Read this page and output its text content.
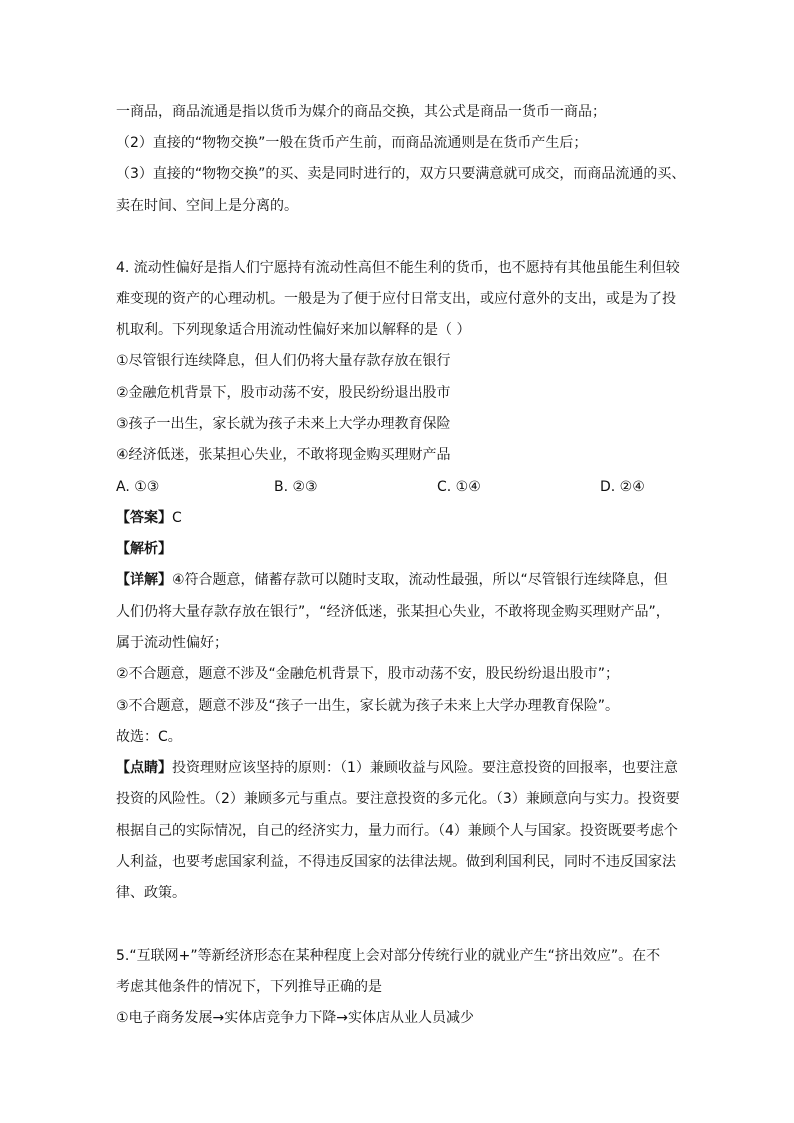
一商品，商品流通是指以货币为媒介的商品交换，其公式是商品一货币一商品；
（2）直接的“物物交换”一般在货币产生前，而商品流通则是在货币产生后；
（3）直接的“物物交换”的买、卖是同时进行的，双方只要满意就可成交，而商品流通的买、
卖在时间、空间上是分离的。
4. 流动性偏好是指人们宁愿持有流动性高但不能生利的货币，也不愿持有其他虽能生利但较
难变现的资产的心理动机。一般是为了便于应付日常支出，或应付意外的支出，或是为了投
机取利。下列现象适合用流动性偏好来加以解释的是（ ）
①尽管银行连续降息，但人们仍将大量存款存放在银行
②金融危机背景下，股市动荡不安，股民纷纷退出股市
③孩子一出生，家长就为孩子未来上大学办理教育保险
④经济低迷，张某担心失业，不敢将现金购买理财产品
A. ①③	B. ②③	C. ①④	D. ②④
【答案】C
【解析】
【详解】④符合题意，储蓄存款可以随时支取，流动性最强，所以“尽管银行连续降息，但
人们仍将大量存款存放在银行”，“经济低迷，张某担心失业，不敢将现金购买理财产品”，
属于流动性偏好；
②不合题意，题意不涉及“金融危机背景下，股市动荡不安，股民纷纷退出股市”；
③不合题意，题意不涉及“孩子一出生，家长就为孩子未来上大学办理教育保险”。
故选：C。
【点睛】投资理财应该坚持的原则：（1）兼顾收益与风险。要注意投资的回报率，也要注意
投资的风险性。（2）兼顾多元与重点。要注意投资的多元化。（3）兼顾意向与实力。投资要
根据自己的实际情况，自己的经济实力，量力而行。（4）兼顾个人与国家。投资既要考虑个
人利益，也要考虑国家利益，不得违反国家的法律法规。做到利国利民，同时不违反国家法
律、政策。
5.“互联网+”等新经济形态在某种程度上会对部分传统行业的就业产生“挤出效应”。在不
考虑其他条件的情况下，下列推导正确的是
①电子商务发展→实体店竞争力下降→实体店从业人员减少
